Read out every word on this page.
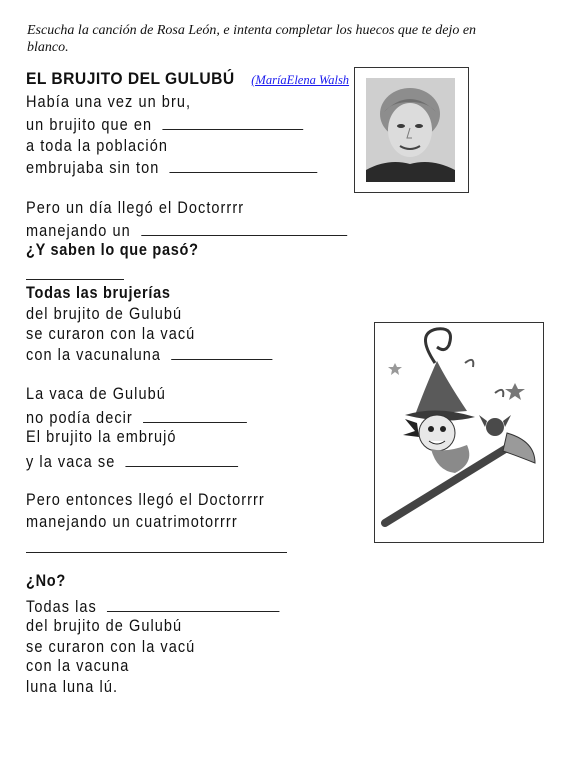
Escucha la canción de Rosa León, e intenta completar los huecos que te dejo en blanco.
EL BRUJITO DEL GULUBÚ (MaríaElena Walsh
Había una vez un bru,
un brujito que en
a toda la población
embrujaba sin ton
Pero un día llegó el Doctorrrr
manejando un
¿Y saben lo que pasó?
Todas las brujerías
del brujito de Gulubú
se curaron con la vacú
con la vacunaluna
La vaca de Gulubú
no podía decir
El brujito la embrujó
y la vaca se
Pero entonces llegó el Doctorrrr
manejando un cuatrimotorrrr
¿No?
Todas las
del brujito de Gulubú
se curaron con la vacú
con la vacuna
luna luna lú.
